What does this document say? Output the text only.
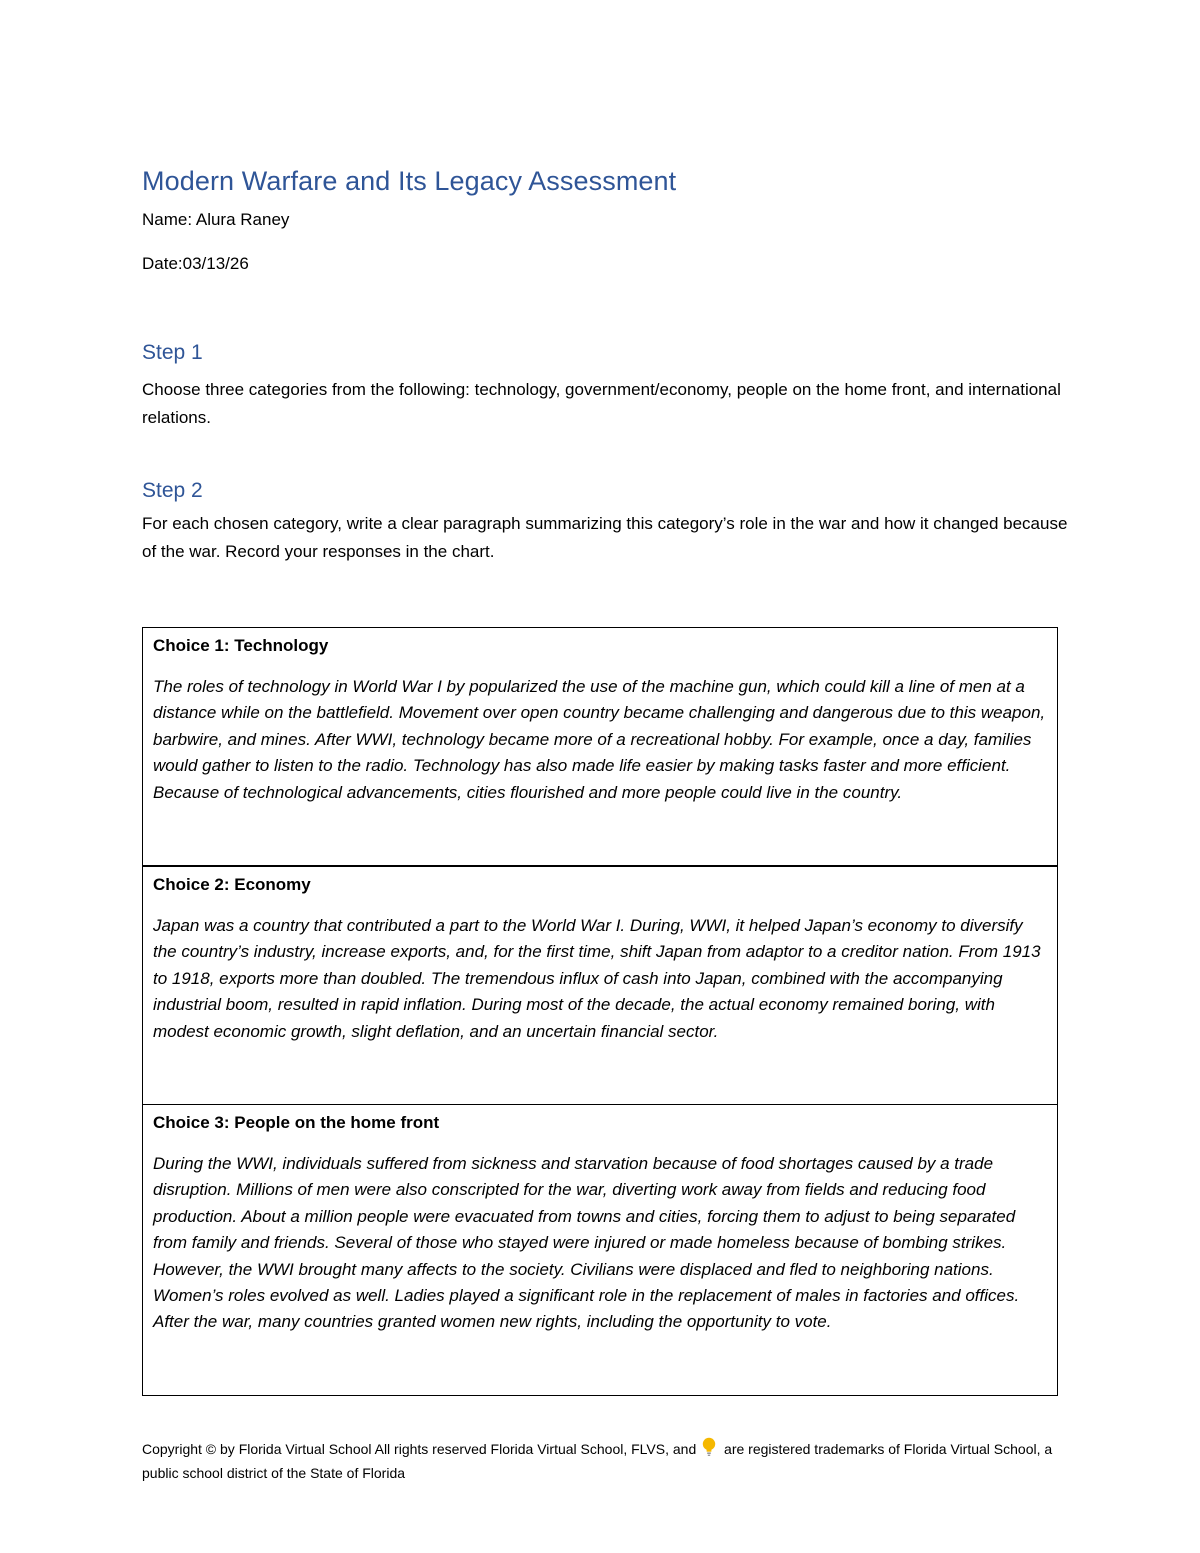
Modern Warfare and Its Legacy Assessment
Name: Alura Raney
Date:03/13/26
Step 1
Choose three categories from the following: technology, government/economy, people on the home front, and international relations.
Step 2
For each chosen category, write a clear paragraph summarizing this category’s role in the war and how it changed because of the war. Record your responses in the chart.
Choice 1: Technology
The roles of technology in World War I by popularized the use of the machine gun, which could kill a line of men at a distance while on the battlefield. Movement over open country became challenging and dangerous due to this weapon, barbwire, and mines. After WWI, technology became more of a recreational hobby. For example, once a day, families would gather to listen to the radio. Technology has also made life easier by making tasks faster and more efficient. Because of technological advancements, cities flourished and more people could live in the country.

Choice 2: Economy
Japan was a country that contributed a part to the World War I. During, WWI, it helped Japan’s economy to diversify the country’s industry, increase exports, and, for the first time, shift Japan from adaptor to a creditor nation. From 1913 to 1918, exports more than doubled. The tremendous influx of cash into Japan, combined with the accompanying industrial boom, resulted in rapid inflation. During most of the decade, the actual economy remained boring, with modest economic growth, slight deflation, and an uncertain financial sector.

Choice 3: People on the home front
During the WWI, individuals suffered from sickness and starvation because of food shortages caused by a trade disruption. Millions of men were also conscripted for the war, diverting work away from fields and reducing food production. About a million people were evacuated from towns and cities, forcing them to adjust to being separated from family and friends. Several of those who stayed were injured or made homeless because of bombing strikes. However, the WWI brought many affects to the society. Civilians were displaced and fled to neighboring nations. Women’s roles evolved as well. Ladies played a significant role in the replacement of males in factories and offices. After the war, many countries granted women new rights, including the opportunity to vote.
Copyright © by Florida Virtual School All rights reserved Florida Virtual School, FLVS, and are registered trademarks of Florida Virtual School, a public school district of the State of Florida
